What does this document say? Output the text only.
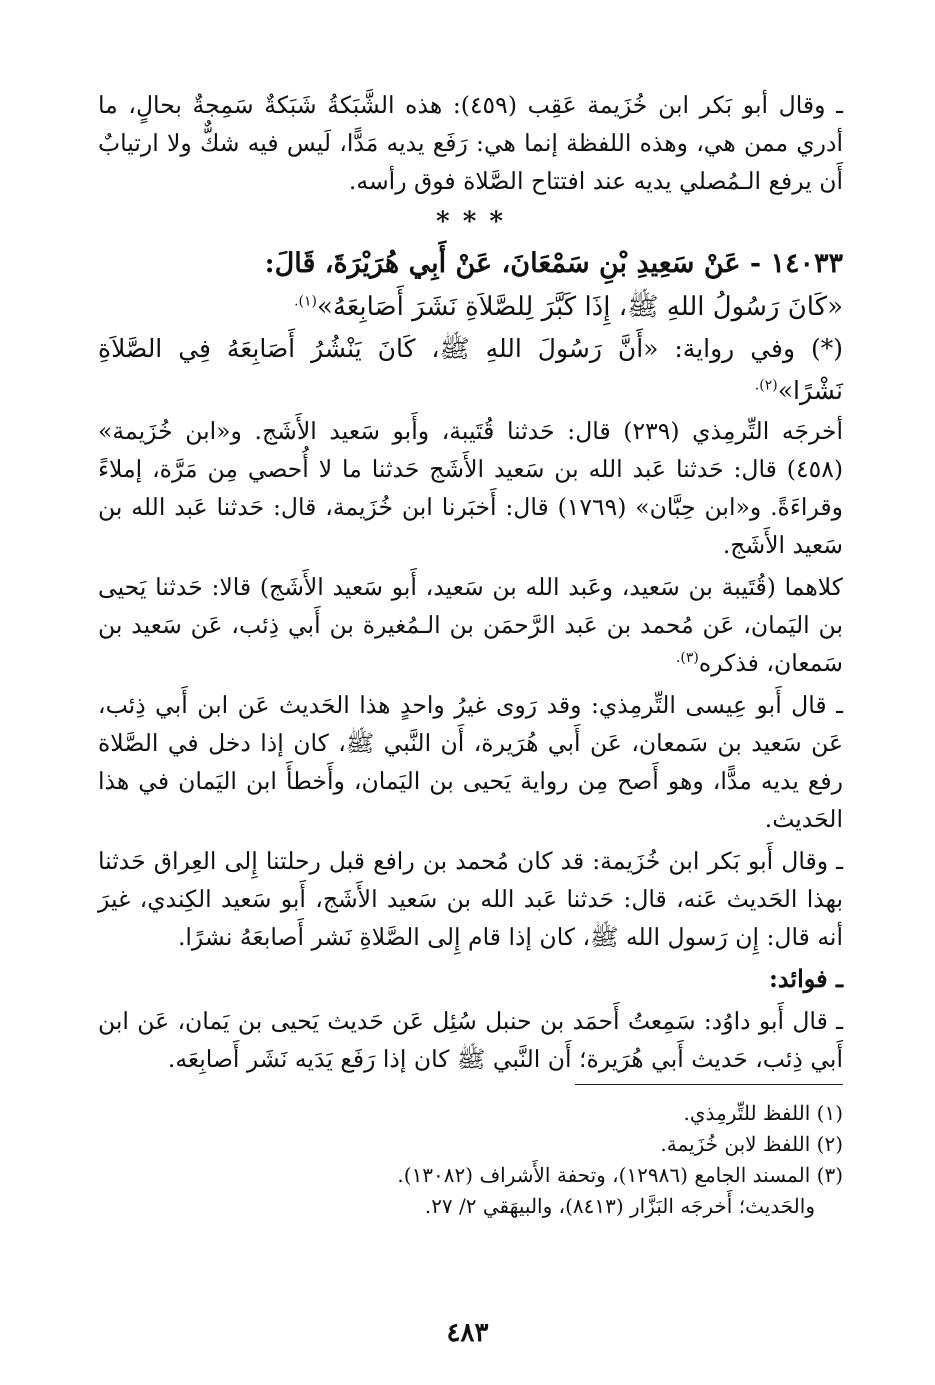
ـ وقال أبو بَكر ابن خُزَيمة عَقِب (٤٥٩): هذه الشَّبَكةُ شَبَكةٌ سَمِجةٌ بحالٍ، ما أدري ممن هي، وهذه اللفظة إنما هي: رَفَع يديه مَدًّا، لَيس فيه شكٌّ ولا ارتيابٌ أَن يرفع الـمُصلي يديه عند افتتاح الصَّلاة فوق رأسه.

* * *

١٤٠٣٣ - عَنْ سَعِيدِ بْنِ سَمْعَانَ، عَنْ أَبِي هُرَيْرَةَ، قَالَ:

«كَانَ رَسُولُ اللهِ ﷺ، إِذَا كَبَّرَ لِلصَّلاَةِ نَشَرَ أَصَابِعَهُ»$^{(١).}$

(*) وفي رواية: «أَنَّ رَسُولَ اللهِ ﷺ، كَانَ يَنْشُرُ أَصَابِعَهُ فِي الصَّلاَةِ نَشْرًا»$^{(٢).}$

أخرجَه التِّرمِذي (٢٣٩) قال: حَدثنا قُتَيبة، وأَبو سَعيد الأَشَج. و«ابن خُزَيمة» (٤٥٨) قال: حَدثنا عَبد الله بن سَعيد الأَشَج حَدثنا ما لا أُحصي مِن مَرَّة، إملاءً وقراءَةً. و«ابن حِبَّان» (١٧٦٩) قال: أَخبَرنا ابن خُزَيمة، قال: حَدثنا عَبد الله بن سَعيد الأَشَج.

كلاهما (قُتَيبة بن سَعيد، وعَبد الله بن سَعيد، أَبو سَعيد الأَشَج) قالا: حَدثنا يَحيى بن اليَمان، عَن مُحمد بن عَبد الرَّحمَن بن الـمُغيرة بن أَبي ذِئب، عَن سَعيد بن سَمعان، فذكره$^{(٣).}$

ـ قال أَبو عِيسى التِّرمِذي: وقد رَوى غيرُ واحدٍ هذا الحَديث عَن ابن أَبي ذِئب، عَن سَعيد بن سَمعان، عَن أَبي هُرَيرة، أَن النَّبي ﷺ، كان إذا دخل في الصَّلاة رفع يديه مدًّا، وهو أَصح مِن رواية يَحيى بن اليَمان، وأَخطأَ ابن اليَمان في هذا الحَديث.

ـ وقال أَبو بَكر ابن خُزَيمة: قد كان مُحمد بن رافع قبل رحلتنا إِلى العِراق حَدثنا بهذا الحَديث عَنه، قال: حَدثنا عَبد الله بن سَعيد الأَشَج، أَبو سَعيد الكِندي، غيرَ أنه قال: إِن رَسول الله ﷺ، كان إذا قام إِلى الصَّلاةِ نَشر أَصابعَهُ نشرًا.

ـ فوائد:

ـ قال أَبو داوُد: سَمِعتُ أَحمَد بن حنبل سُئِل عَن حَديث يَحيى بن يَمان، عَن ابن أَبي ذِئب، حَديث أَبي هُرَيرة؛ أَن النَّبي ﷺ كان إذا رَفَع يَدَيه نَشَر أَصابِعَه.

(١) اللفظ للتِّرمِذي.
(٢) اللفظ لابن خُزَيمة.
(٣) المسند الجامع (١٢٩٨٦)، وتحفة الأَشراف (١٣٠٨٢).
والحَديث؛ أَخرجَه البَزَّار (٨٤١٣)، والبيهَقي ٢/ ٢٧.
٤٨٣
